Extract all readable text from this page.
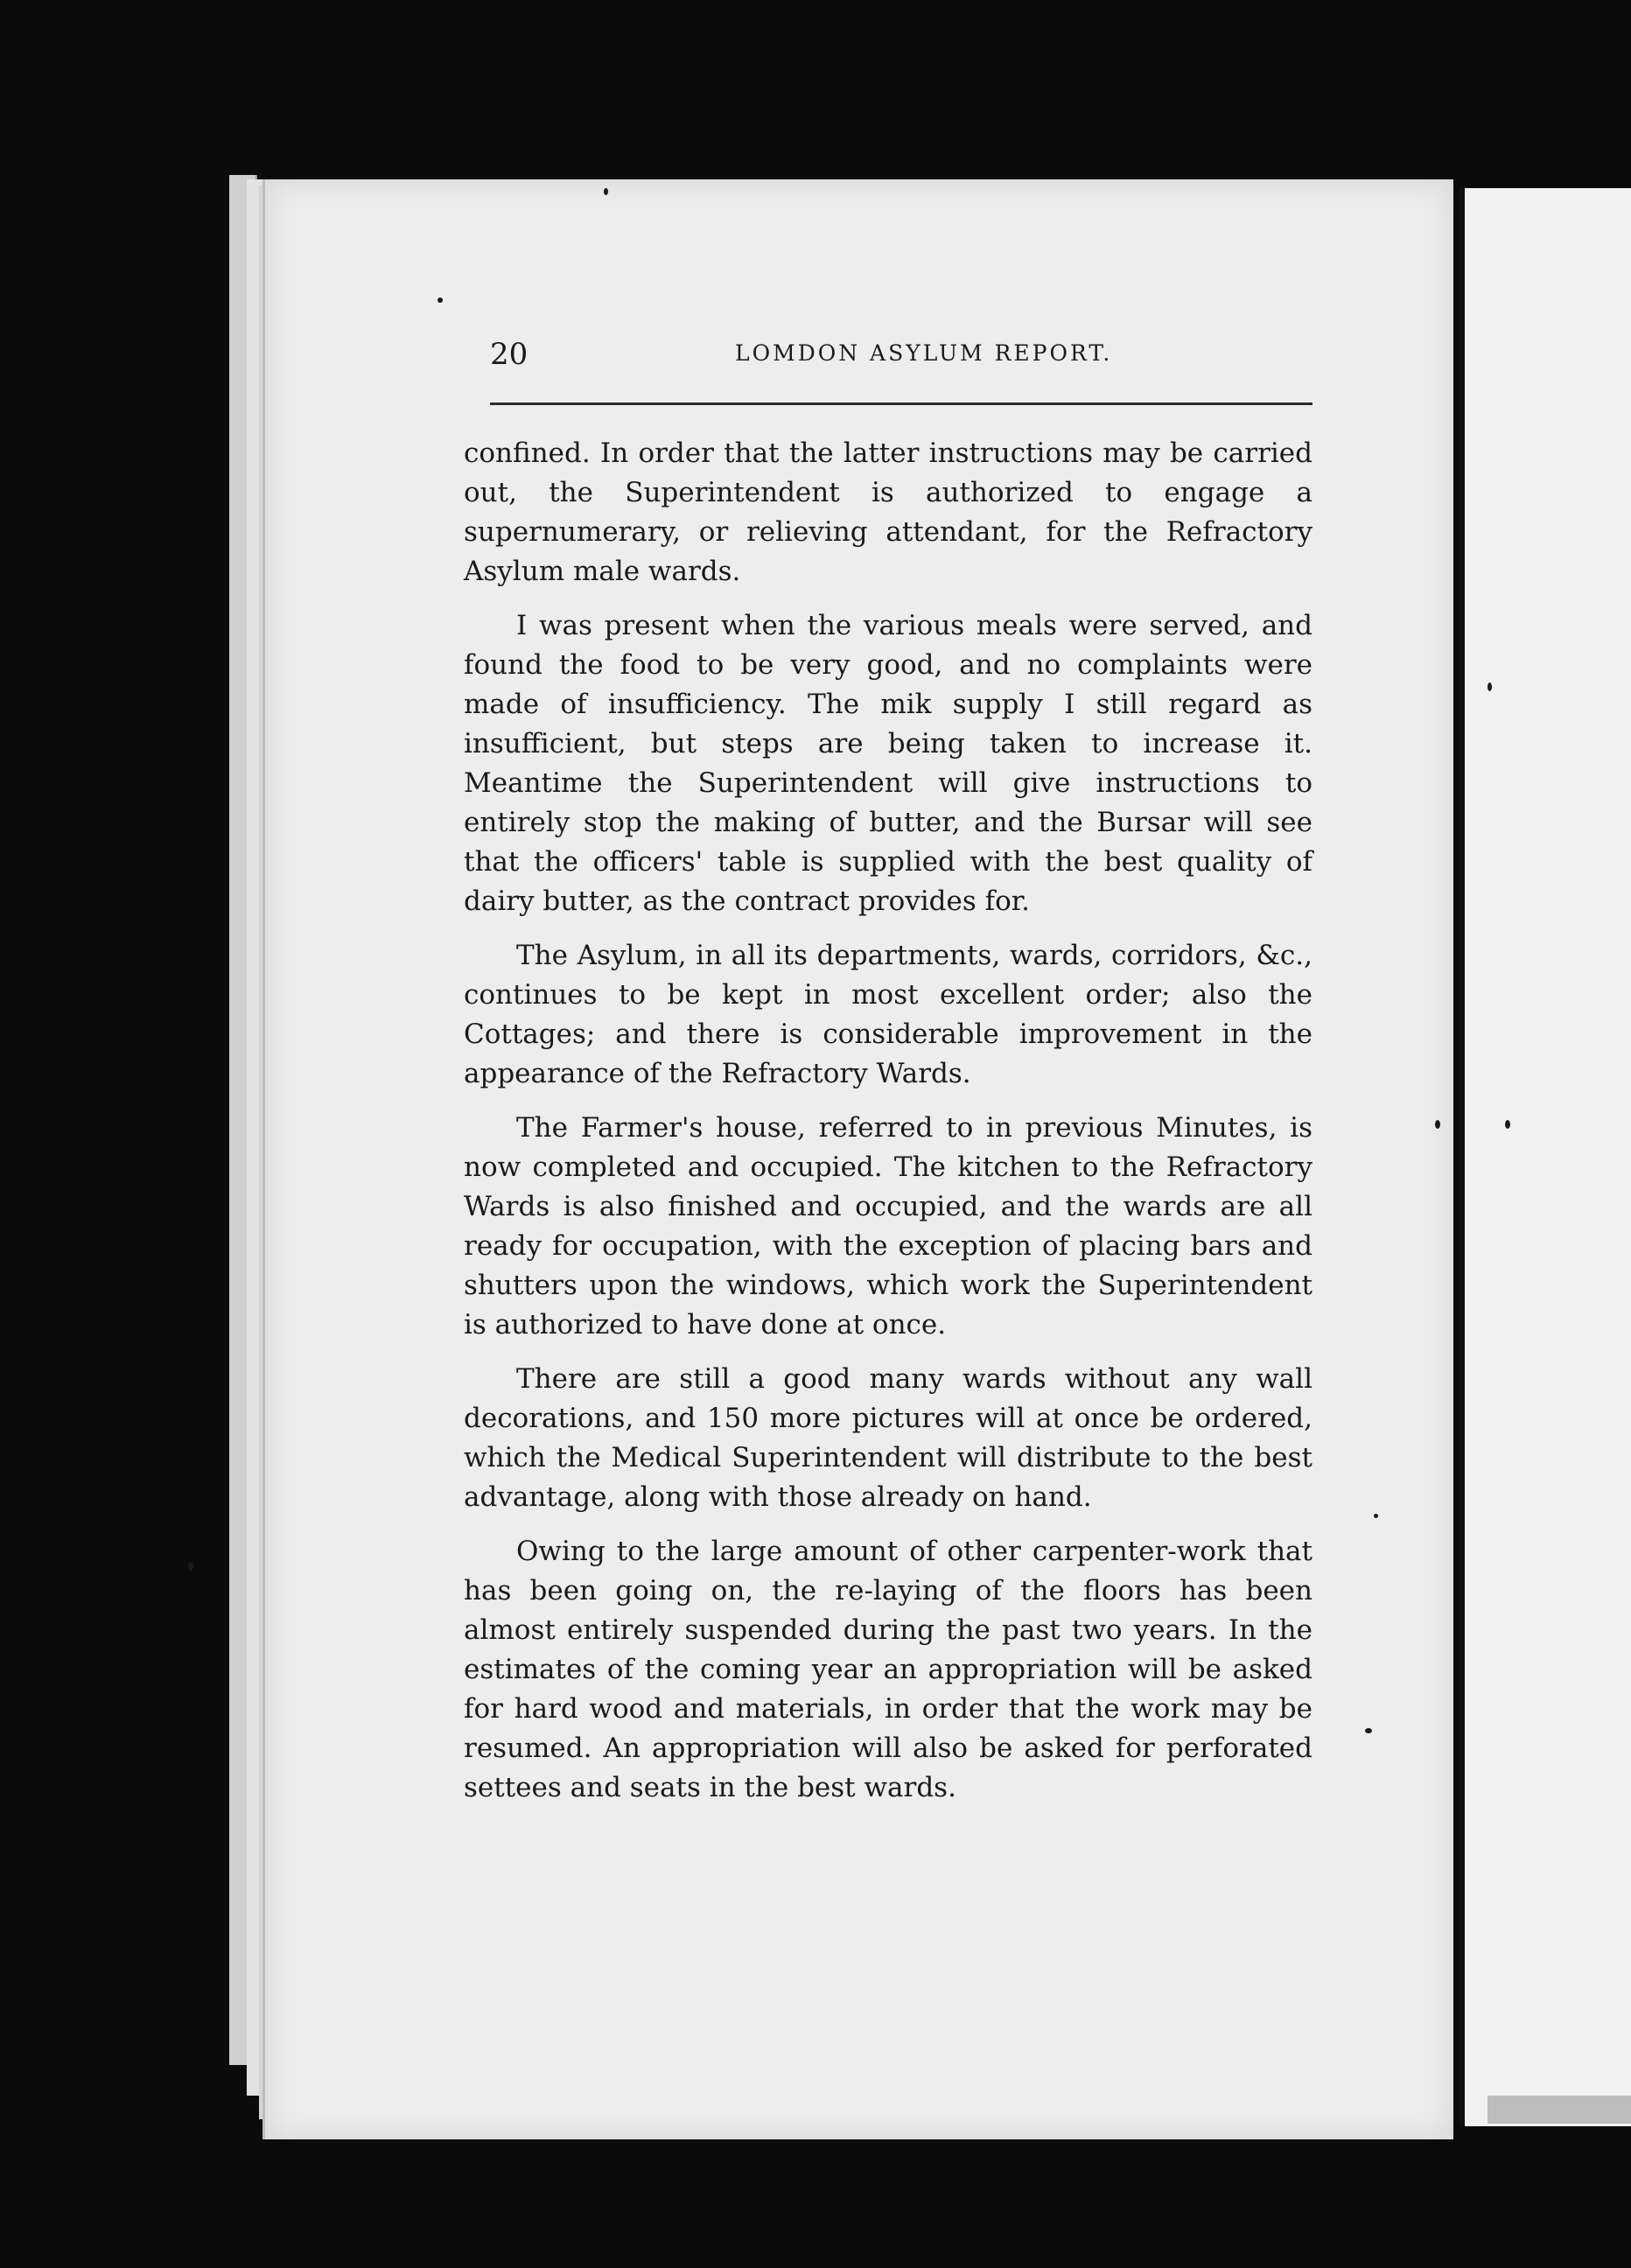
20	LOMDON ASYLUM REPORT.

confined. In order that the latter instructions may be carried out, the Superintendent is authorized to engage a supernumerary, or relieving attendant, for the Refractory Asylum male wards.

I was present when the various meals were served, and found the food to be very good, and no complaints were made of insufficiency. The mik supply I still regard as insufficient, but steps are being taken to increase it. Meantime the Superintendent will give instructions to entirely stop the making of butter, and the Bursar will see that the officers' table is supplied with the best quality of dairy butter, as the contract provides for.

The Asylum, in all its departments, wards, corridors, &c., continues to be kept in most excellent order; also the Cottages; and there is considerable improvement in the appearance of the Refractory Wards.

The Farmer's house, referred to in previous Minutes, is now completed and occupied. The kitchen to the Refractory Wards is also finished and occupied, and the wards are all ready for occupation, with the exception of placing bars and shutters upon the windows, which work the Superintendent is authorized to have done at once.

There are still a good many wards without any wall decorations, and 150 more pictures will at once be ordered, which the Medical Superintendent will distribute to the best advantage, along with those already on hand.

Owing to the large amount of other carpenter-work that has been going on, the re-laying of the floors has been almost entirely suspended during the past two years. In the estimates of the coming year an appropriation will be asked for hard wood and materials, in order that the work may be resumed. An appropriation will also be asked for perforated settees and seats in the best wards.
